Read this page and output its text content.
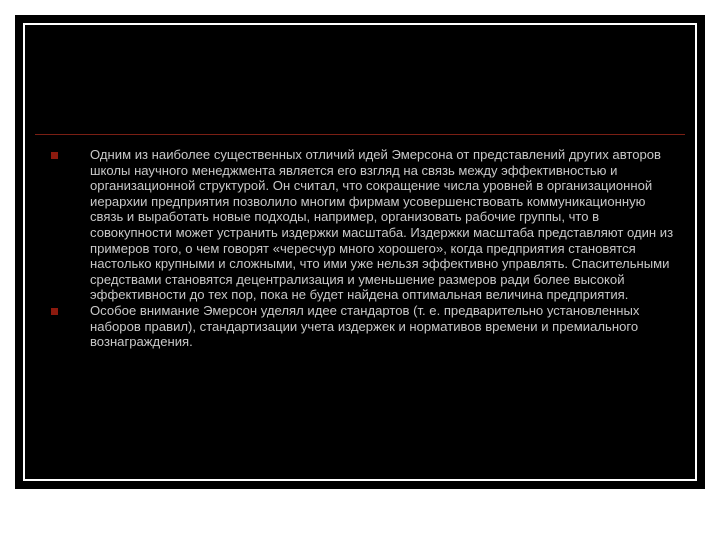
Одним из наиболее существенных отличий идей Эмерсона от представлений других авторов школы научного менеджмента является его взгляд на связь между эффективностью и организационной структурой. Он считал, что сокращение числа уровней в организационной иерархии предприятия позволило многим фирмам усовершенствовать коммуникационную связь и выработать новые подходы, например, организовать рабочие группы, что в совокупности может устранить издержки масштаба. Издержки масштаба представляют один из примеров того, о чем говорят «чересчур много хорошего», когда предприятия становятся настолько крупными и сложными, что ими уже нельзя эффективно управлять. Спасительными средствами становятся децентрализация и уменьшение размеров ради более высокой эффективности до тех пор, пока не будет найдена оптимальная величина предприятия.
Особое внимание Эмерсон уделял идее стандартов (т. е. предварительно установленных наборов правил), стандартизации учета издержек и нормативов времени и премиального вознаграждения.
